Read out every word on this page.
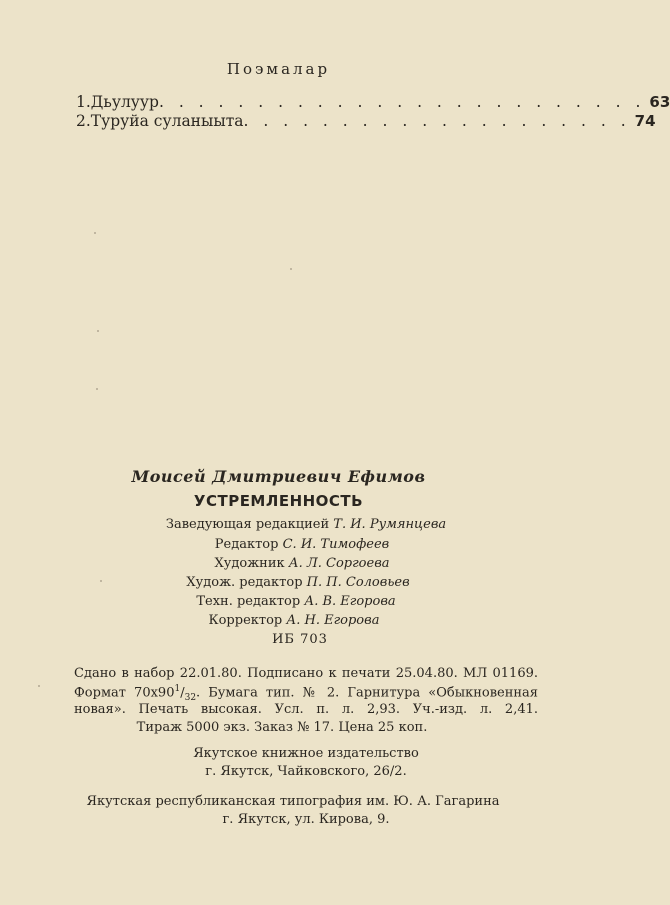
Поэмалар
1. Дьулуур . . . . . . . . . . . . . . . . . . . . . . . . . 63
2. Туруйа суланыыта . . . . . . . . . . . . . . . . . . . . 74
Моисей Дмитриевич Ефимов
УСТРЕМЛЕННОСТЬ
Заведующая редакцией Т. И. Румянцева
Редактор С. И. Тимофеев
Художник А. Л. Соргоева
Худож. редактор П. П. Соловьев
Техн. редактор А. В. Егорова
Корректор А. Н. Егорова
ИБ 703
Сдано в набор 22.01.80. Подписано к печати 25.04.80. МЛ 01169.
Формат $70x90^1/_{32}$. Бумага тип. № 2. Гарнитура «Обыкновенная
новая». Печать высокая. Усл. п. л. 2,93. Уч.-изд. л. 2,41.
Тираж 5000 экз. Заказ № 17. Цена 25 коп.
Якутское книжное издательство
г. Якутск, Чайковского, 26/2.
Якутская республиканская типография им. Ю. А. Гагарина
г. Якутск, ул. Кирова, 9.
